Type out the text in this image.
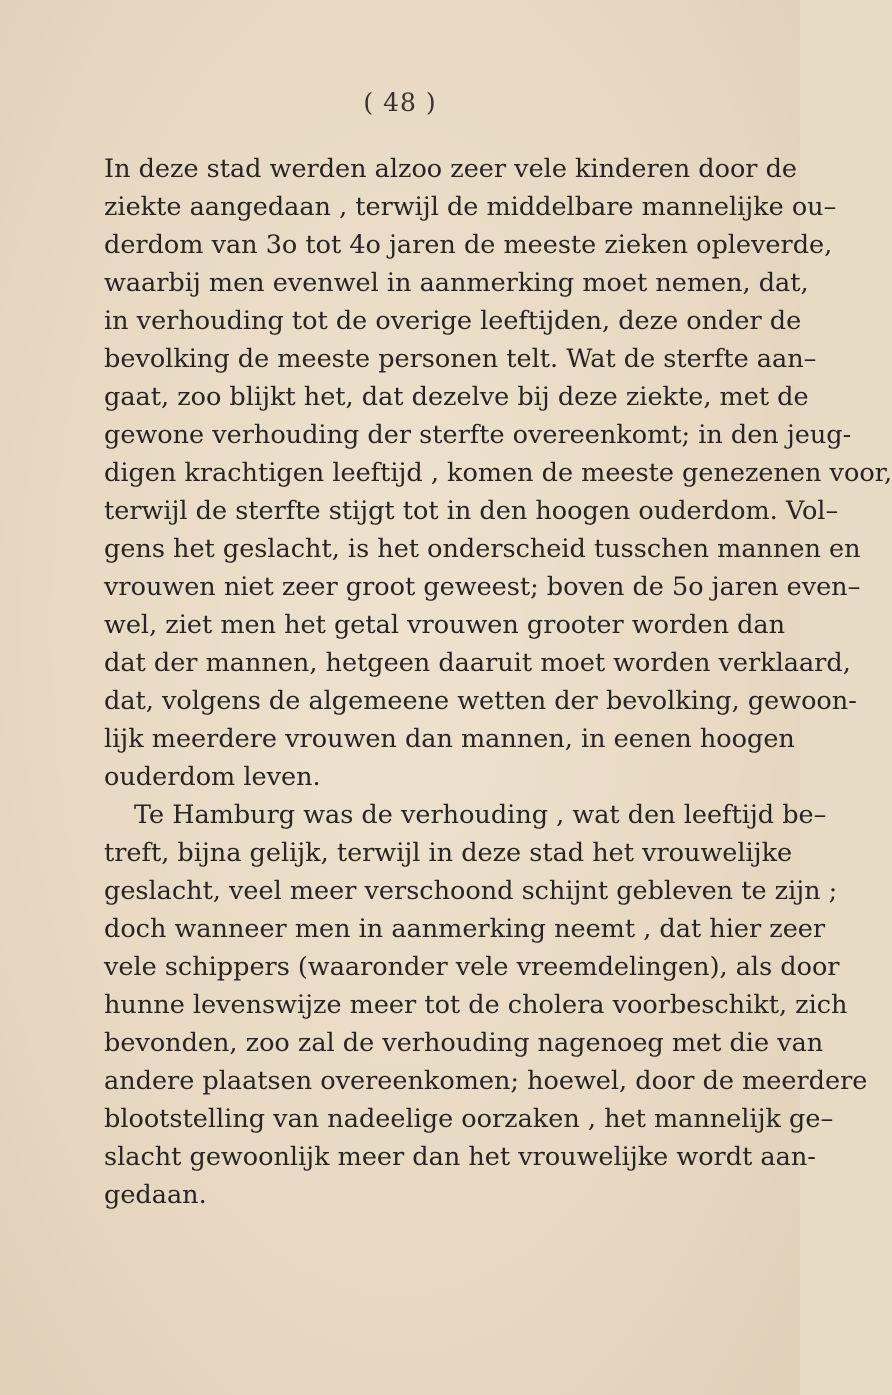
( 48 )
In deze stad werden alzoo zeer vele kinderen door de
ziekte aangedaan , terwijl de middelbare mannelijke ou–
derdom van 3o tot 4o jaren de meeste zieken opleverde,
waarbij men evenwel in aanmerking moet nemen, dat,
in verhouding tot de overige leeftijden, deze onder de
bevolking de meeste personen telt. Wat de sterfte aan–
gaat, zoo blijkt het, dat dezelve bij deze ziekte, met de
gewone verhouding der sterfte overeenkomt; in den jeug-
digen krachtigen leeftijd , komen de meeste genezenen voor,
terwijl de sterfte stijgt tot in den hoogen ouderdom. Vol–
gens het geslacht, is het onderscheid tusschen mannen en
vrouwen niet zeer groot geweest; boven de 5o jaren even–
wel, ziet men het getal vrouwen grooter worden dan
dat der mannen, hetgeen daaruit moet worden verklaard,
dat, volgens de algemeene wetten der bevolking, gewoon-
lijk meerdere vrouwen dan mannen, in eenen hoogen
ouderdom leven.
Te Hamburg was de verhouding , wat den leeftijd be–
treft, bijna gelijk, terwijl in deze stad het vrouwelijke
geslacht, veel meer verschoond schijnt gebleven te zijn ;
doch wanneer men in aanmerking neemt , dat hier zeer
vele schippers (waaronder vele vreemdelingen), als door
hunne levenswijze meer tot de cholera voorbeschikt, zich
bevonden, zoo zal de verhouding nagenoeg met die van
andere plaatsen overeenkomen; hoewel, door de meerdere
blootstelling van nadeelige oorzaken , het mannelijk ge–
slacht gewoonlijk meer dan het vrouwelijke wordt aan-
gedaan.
